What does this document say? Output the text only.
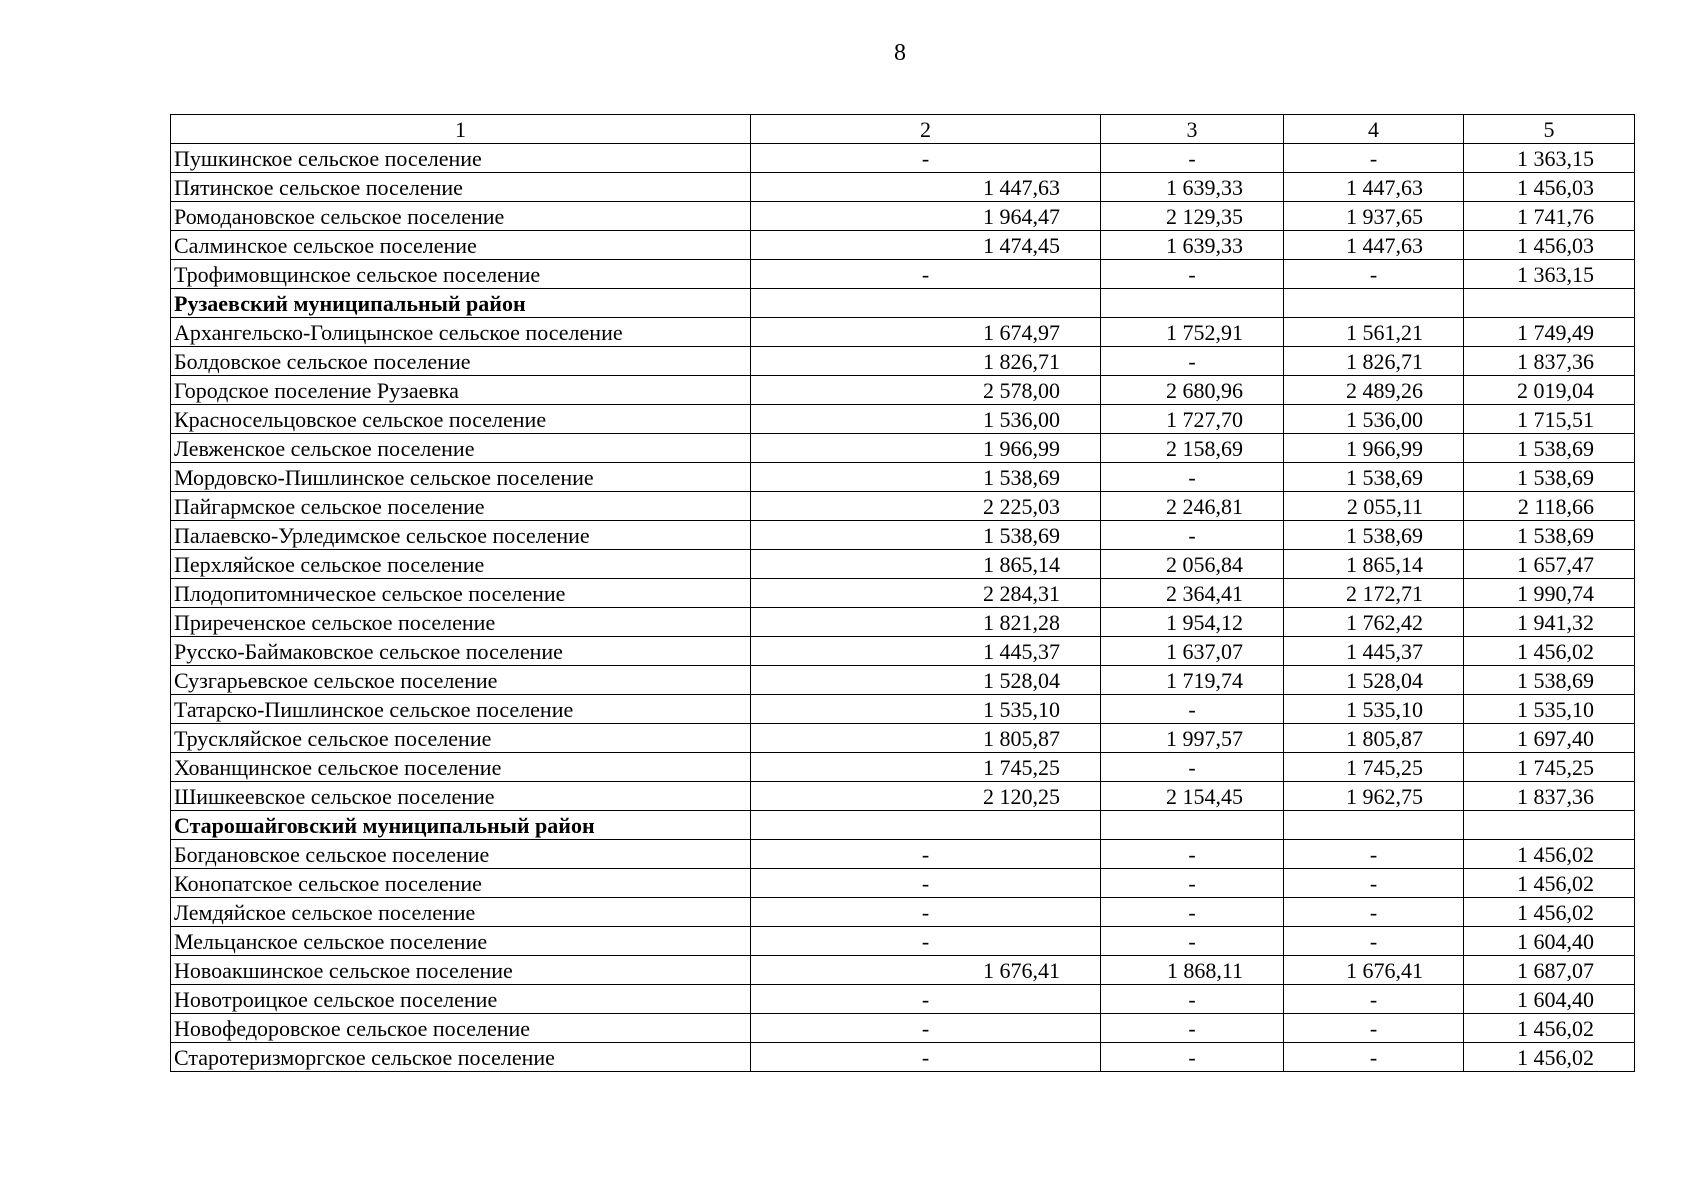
8
1	2	3	4	5
Пушкинское сельское поселение	-	-	-	1 363,15
Пятинское сельское поселение	1 447,63	1 639,33	1 447,63	1 456,03
Ромодановское сельское поселение	1 964,47	2 129,35	1 937,65	1 741,76
Салминское сельское поселение	1 474,45	1 639,33	1 447,63	1 456,03
Трофимовщинское сельское поселение	-	-	-	1 363,15
Рузаевский муниципальный район				
Архангельско-Голицынское сельское поселение	1 674,97	1 752,91	1 561,21	1 749,49
Болдовское сельское поселение	1 826,71	-	1 826,71	1 837,36
Городское поселение Рузаевка	2 578,00	2 680,96	2 489,26	2 019,04
Красносельцовское сельское поселение	1 536,00	1 727,70	1 536,00	1 715,51
Левженское сельское поселение	1 966,99	2 158,69	1 966,99	1 538,69
Мордовско-Пишлинское сельское поселение	1 538,69	-	1 538,69	1 538,69
Пайгармское сельское поселение	2 225,03	2 246,81	2 055,11	2 118,66
Палаевско-Урледимское сельское поселение	1 538,69	-	1 538,69	1 538,69
Перхляйское сельское поселение	1 865,14	2 056,84	1 865,14	1 657,47
Плодопитомническое сельское поселение	2 284,31	2 364,41	2 172,71	1 990,74
Приреченское сельское поселение	1 821,28	1 954,12	1 762,42	1 941,32
Русско-Баймаковское сельское поселение	1 445,37	1 637,07	1 445,37	1 456,02
Сузгарьевское сельское поселение	1 528,04	1 719,74	1 528,04	1 538,69
Татарско-Пишлинское сельское поселение	1 535,10	-	1 535,10	1 535,10
Трускляйское сельское поселение	1 805,87	1 997,57	1 805,87	1 697,40
Хованщинское сельское поселение	1 745,25	-	1 745,25	1 745,25
Шишкеевское сельское поселение	2 120,25	2 154,45	1 962,75	1 837,36
Старошайговский муниципальный район				
Богдановское сельское поселение	-	-	-	1 456,02
Конопатское сельское поселение	-	-	-	1 456,02
Лемдяйское сельское поселение	-	-	-	1 456,02
Мельцанское сельское поселение	-	-	-	1 604,40
Новоакшинское сельское поселение	1 676,41	1 868,11	1 676,41	1 687,07
Новотроицкое сельское поселение	-	-	-	1 604,40
Новофедоровское сельское поселение	-	-	-	1 456,02
Старотеризморгское сельское поселение	-	-	-	1 456,02
